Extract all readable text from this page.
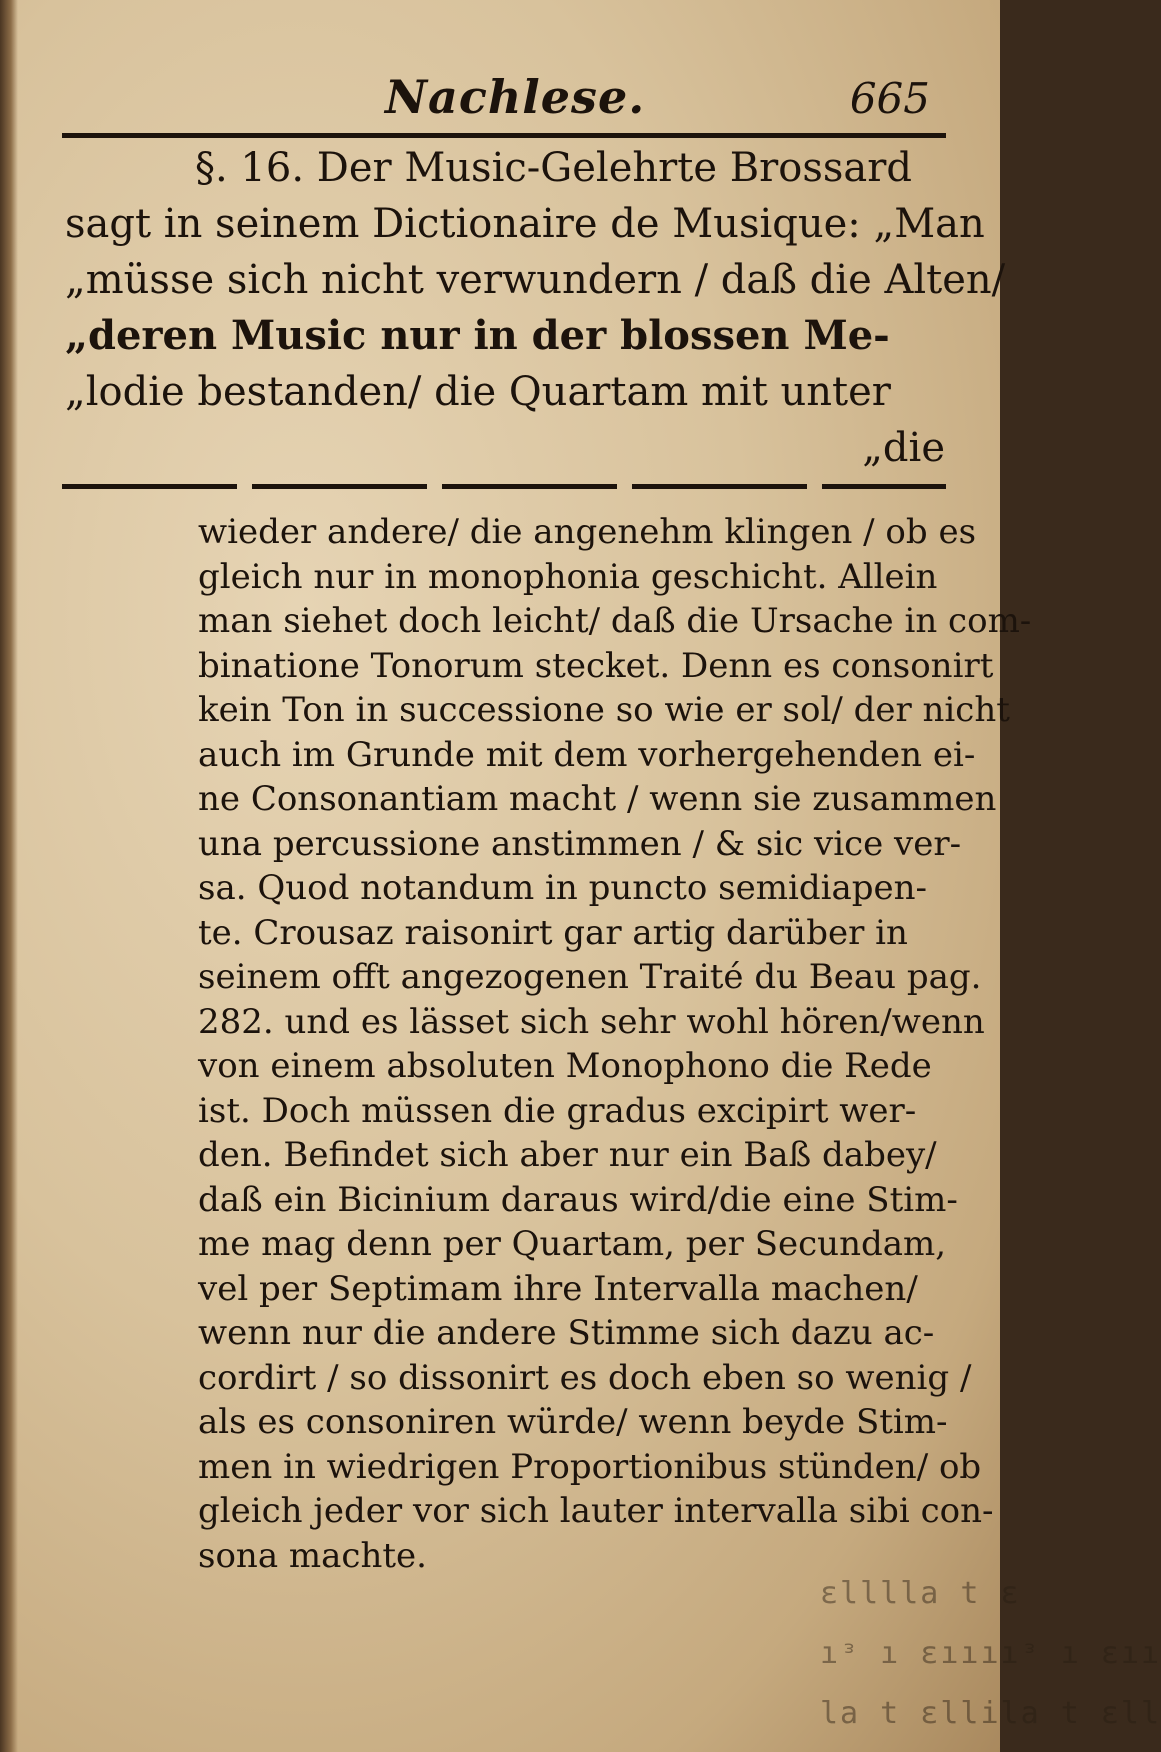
Nachlese.	665
§. 16. Der Music-Gelehrte Brossard
sagt in seinem Dictionaire de Musique: „Man
„müsse sich nicht verwundern / daß die Alten/
„deren Music nur in der blossen Me-
„lodie bestanden/ die Quartam mit unter
„die
wieder andere/ die angenehm klingen / ob es
gleich nur in monophonia geschicht. Allein
man siehet doch leicht/ daß die Ursache in com-
binatione Tonorum stecket. Denn es consonirt
kein Ton in successione so wie er sol/ der nicht
auch im Grunde mit dem vorhergehenden ei-
ne Consonantiam macht / wenn sie zusammen
una percussione anstimmen / & sic vice ver-
sa. Quod notandum in puncto semidiapen-
te. Crousaz raisonirt gar artig darüber in
seinem offt angezogenen Traité du Beau pag.
282. und es lässet sich sehr wohl hören/wenn
von einem absoluten Monophono die Rede
ist. Doch müssen die gradus excipirt wer-
den. Befindet sich aber nur ein Baß dabey/
daß ein Bicinium daraus wird/die eine Stim-
me mag denn per Quartam, per Secundam,
vel per Septimam ihre Intervalla machen/
wenn nur die andere Stimme sich dazu ac-
cordirt / so dissonirt es doch eben so wenig /
als es consoniren würde/ wenn beyde Stim-
men in wiedrigen Proportionibus stünden/ ob
gleich jeder vor sich lauter intervalla sibi con-
sona machte.
ɛlllla t ɛ
ıᵌ ı ɛııııᵌ ı ɛıı
la t ɛllila t ɛll
